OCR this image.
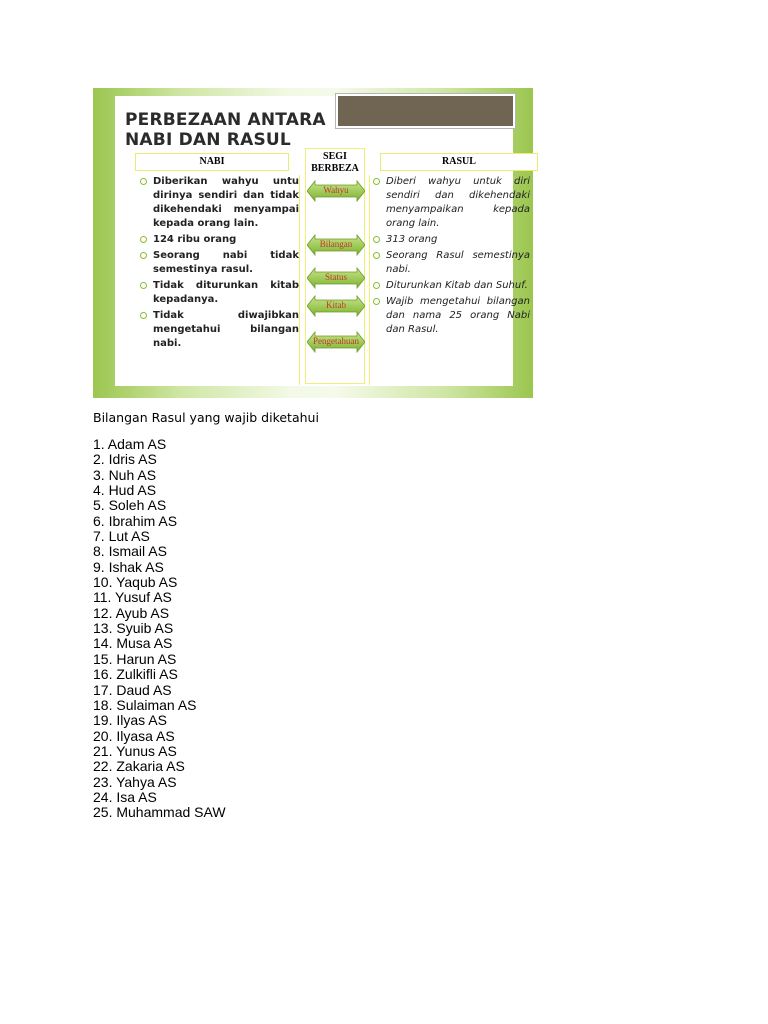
PERBEZAAN ANTARA
NABI DAN RASUL
NABI	SEGI BERBEZA
RASUL
Diberikan wahyu untu dirinya sendiri dan tidak dikehendaki menyampai kepada orang lain.
124 ribu orang
Seorang nabi tidak semestinya rasul.
Tidak diturunkan kitab kepadanya.
Tidak diwajibkan mengetahui bilangan nabi.
Wahyu
Bilangan
Status
Kitab
Pengetahuan
Diberi wahyu untuk diri sendiri dan dikehendaki menyampaikan kepada orang lain.
313 orang
Seorang Rasul semestinya nabi.
Diturunkan Kitab dan Suhuf.
Wajib mengetahui bilangan dan nama 25 orang Nabi dan Rasul.
Bilangan Rasul yang wajib diketahui
1. Adam AS
2. Idris AS
3. Nuh AS
4. Hud AS
5. Soleh AS
6. Ibrahim AS
7. Lut AS
8. Ismail AS
9. Ishak AS
10. Yaqub AS
11. Yusuf AS
12. Ayub AS
13. Syuib AS
14. Musa AS
15. Harun AS
16. Zulkifli AS
17. Daud AS
18. Sulaiman AS
19. Ilyas AS
20. Ilyasa AS
21. Yunus AS
22. Zakaria AS
23. Yahya AS
24. Isa AS
25. Muhammad SAW
